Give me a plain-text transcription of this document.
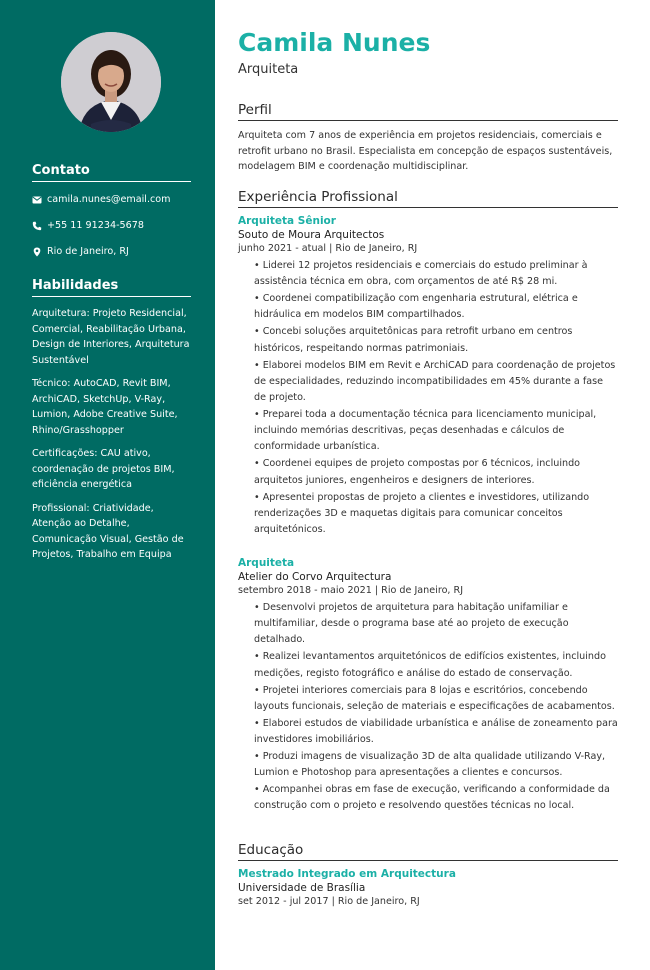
Contato
camila.nunes@email.com
+55 11 91234-5678
Rio de Janeiro, RJ
Habilidades
Arquitetura: Projeto Residencial, Comercial, Reabilitação Urbana, Design de Interiores, Arquitetura Sustentável
Técnico: AutoCAD, Revit BIM, ArchiCAD, SketchUp, V-Ray, Lumion, Adobe Creative Suite, Rhino/Grasshopper
Certificações: CAU ativo, coordenação de projetos BIM, eficiência energética
Profissional: Criatividade, Atenção ao Detalhe, Comunicação Visual, Gestão de Projetos, Trabalho em Equipa
Camila Nunes
Arquiteta
Perfil
Arquiteta com 7 anos de experiência em projetos residenciais, comerciais e retrofit urbano no Brasil. Especialista em concepção de espaços sustentáveis, modelagem BIM e coordenação multidisciplinar.
Experiência Profissional
Arquiteta Sênior
Souto de Moura Arquitectos
junho 2021 - atual | Rio de Janeiro, RJ
• Liderei 12 projetos residenciais e comerciais do estudo preliminar à assistência técnica em obra, com orçamentos de até R$ 28 mi.
• Coordenei compatibilização com engenharia estrutural, elétrica e hidráulica em modelos BIM compartilhados.
• Concebi soluções arquitetônicas para retrofit urbano em centros históricos, respeitando normas patrimoniais.
• Elaborei modelos BIM em Revit e ArchiCAD para coordenação de projetos de especialidades, reduzindo incompatibilidades em 45% durante a fase de projeto.
• Preparei toda a documentação técnica para licenciamento municipal, incluindo memórias descritivas, peças desenhadas e cálculos de conformidade urbanística.
• Coordenei equipes de projeto compostas por 6 técnicos, incluindo arquitetos juniores, engenheiros e designers de interiores.
• Apresentei propostas de projeto a clientes e investidores, utilizando renderizações 3D e maquetas digitais para comunicar conceitos arquitetónicos.
Arquiteta
Atelier do Corvo Arquitectura
setembro 2018 - maio 2021 | Rio de Janeiro, RJ
• Desenvolvi projetos de arquitetura para habitação unifamiliar e multifamiliar, desde o programa base até ao projeto de execução detalhado.
• Realizei levantamentos arquitetónicos de edifícios existentes, incluindo medições, registo fotográfico e análise do estado de conservação.
• Projetei interiores comerciais para 8 lojas e escritórios, concebendo layouts funcionais, seleção de materiais e especificações de acabamentos.
• Elaborei estudos de viabilidade urbanística e análise de zoneamento para investidores imobiliários.
• Produzi imagens de visualização 3D de alta qualidade utilizando V-Ray, Lumion e Photoshop para apresentações a clientes e concursos.
• Acompanhei obras em fase de execução, verificando a conformidade da construção com o projeto e resolvendo questões técnicas no local.
Educação
Mestrado Integrado em Arquitectura
Universidade de Brasília
set 2012 - jul 2017 | Rio de Janeiro, RJ
